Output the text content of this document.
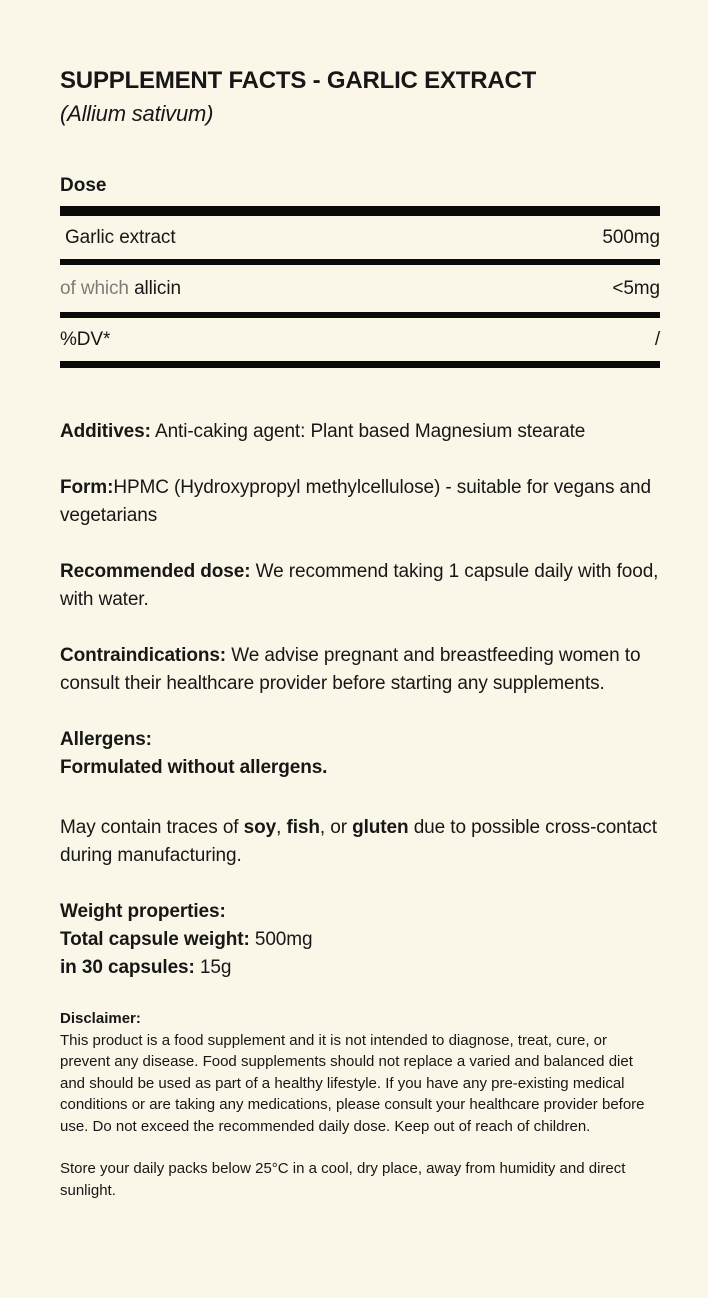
SUPPLEMENT FACTS - GARLIC EXTRACT
(Allium sativum)
Dose
Garlic extract	500mg
of which allicin	<5mg
%DV*	/
Additives: Anti-caking agent: Plant based Magnesium stearate
Form:HPMC (Hydroxypropyl methylcellulose) - suitable for vegans and vegetarians
Recommended dose: We recommend taking 1 capsule daily with food, with water.
Contraindications: We advise pregnant and breastfeeding women to consult their healthcare provider before starting any supplements.
Allergens:
Formulated without allergens.
May contain traces of soy, fish, or gluten due to possible cross-contact during manufacturing.
Weight properties:
Total capsule weight: 500mg
in 30 capsules: 15g
Disclaimer:
This product is a food supplement and it is not intended to diagnose, treat, cure, or prevent any disease. Food supplements should not replace a varied and balanced diet and should be used as part of a healthy lifestyle. If you have any pre-existing medical conditions or are taking any medications, please consult your healthcare provider before use. Do not exceed the recommended daily dose. Keep out of reach of children.
Store your daily packs below 25°C in a cool, dry place, away from humidity and direct sunlight.
